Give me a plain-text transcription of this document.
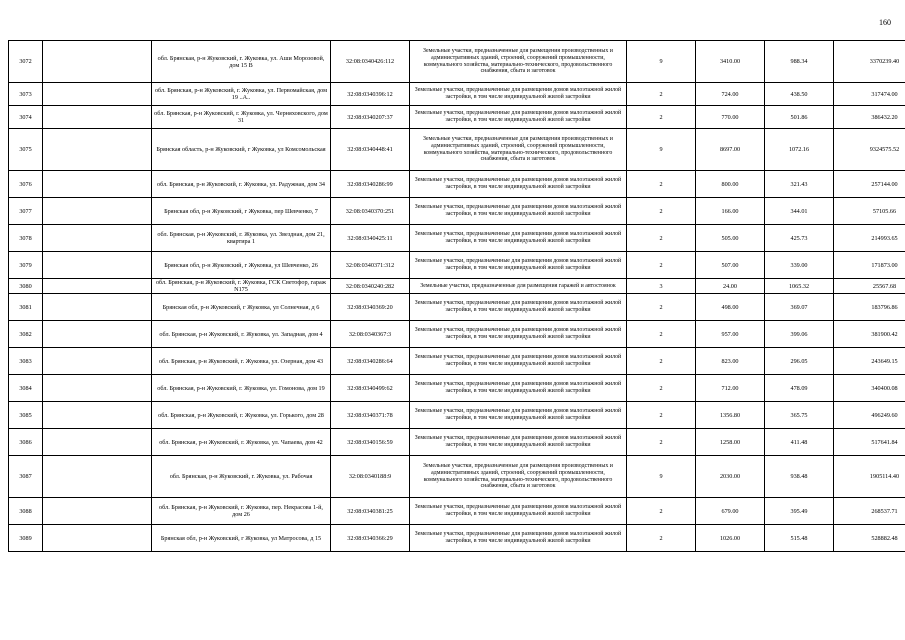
160
3072		обл. Брянская, р-н Жуковский, г. Жуковка, ул. Аши Морозовой, дом 15 В	32:08:0340426:112	Земельные участки, предназначенные для размещения производственных и административных зданий, строений, сооружений промышленности, коммунального хозяйства, материально-технического, продовольственного снабжения, сбыта и заготовок	9	3410.00	988.34	3370239.40
3073		обл. Брянская, р-н Жуковский, г. Жуковка, ул. Первомайская, дом 19 ..А..	32:08:0340396:12	Земельные участки, предназначенные для размещения домов малоэтажной жилой застройки, в том числе индивидуальной жилой застройки	2	724.00	438.50	317474.00
3074		обл. Брянская, р-н Жуковский, г. Жуковка, ул. Черняховского, дом 31	32:08:0340207:37	Земельные участки, предназначенные для размещения домов малоэтажной жилой застройки, в том числе индивидуальной жилой застройки	2	770.00	501.86	386432.20
3075		Брянская область, р-н Жуковский, г Жуковка, ул Комсомольская	32:08:0340448:41	Земельные участки, предназначенные для размещения производственных и административных зданий, строений, сооружений промышленности, коммунального хозяйства, материально-технического, продовольственного снабжения, сбыта и заготовок	9	8697.00	1072.16	9324575.52
3076		обл. Брянская, р-н Жуковский, г. Жуковка, ул. Радужная, дом 34	32:08:0340286:99	Земельные участки, предназначенные для размещения домов малоэтажной жилой застройки, в том числе индивидуальной жилой застройки	2	800.00	321.43	257144.00
3077		Брянская обл, р-н Жуковский, г Жуковка, пер Шевченко, 7	32:08:0340370:251	Земельные участки, предназначенные для размещения домов малоэтажной жилой застройки, в том числе индивидуальной жилой застройки	2	166.00	344.01	57105.66
3078		обл. Брянская, р-н Жуковский, г. Жуковка, ул. Звездная, дом 21, квартира 1	32:08:0340425:11	Земельные участки, предназначенные для размещения домов малоэтажной жилой застройки, в том числе индивидуальной жилой застройки	2	505.00	425.73	214993.65
3079		Брянская обл, р-н Жуковский, г Жуковка, ул Шевченко, 26	32:08:0340371:312	Земельные участки, предназначенные для размещения домов малоэтажной жилой застройки, в том числе индивидуальной жилой застройки	2	507.00	339.00	171873.00
3080		обл. Брянская, р-н Жуковский, г. Жуковка, ГСК Светофор, гараж N175	32:08:0340240:282	Земельные участки, предназначенные для размещения гаражей и автостоянок	3	24.00	1065.32	25567.68
3081		Брянская обл, р-н Жуковский, г Жуковка, ул Солнечная, д 6	32:08:0340369:20	Земельные участки, предназначенные для размещения домов малоэтажной жилой застройки, в том числе индивидуальной жилой застройки	2	498.00	369.07	183796.86
3082		обл. Брянская, р-н Жуковский, г. Жуковка, ул. Западная, дом 4	32:08:0340367:3	Земельные участки, предназначенные для размещения домов малоэтажной жилой застройки, в том числе индивидуальной жилой застройки	2	957.00	399.06	381900.42
3083		обл. Брянская, р-н Жуковский, г. Жуковка, ул. Озерная, дом 43	32:08:0340286:64	Земельные участки, предназначенные для размещения домов малоэтажной жилой застройки, в том числе индивидуальной жилой застройки	2	823.00	296.05	243649.15
3084		обл. Брянская, р-н Жуковский, г. Жуковка, ул. Гомонова, дом 19	32:08:0340499:62	Земельные участки, предназначенные для размещения домов малоэтажной жилой застройки, в том числе индивидуальной жилой застройки	2	712.00	478.09	340400.08
3085		обл. Брянская, р-н Жуковский, г. Жуковка, ул. Горького, дом 28	32:08:0340371:78	Земельные участки, предназначенные для размещения домов малоэтажной жилой застройки, в том числе индивидуальной жилой застройки	2	1356.80	365.75	496249.60
3086		обл. Брянская, р-н Жуковский, г. Жуковка, ул. Чапаева, дом 42	32:08:0340156:59	Земельные участки, предназначенные для размещения домов малоэтажной жилой застройки, в том числе индивидуальной жилой застройки	2	1258.00	411.48	517641.84
3087		обл. Брянская, р-н Жуковский, г. Жуковка, ул. Рабочая	32:08:0340188:9	Земельные участки, предназначенные для размещения производственных и административных зданий, строений, сооружений промышленности, коммунального хозяйства, материально-технического, продовольственного снабжения, сбыта и заготовок	9	2030.00	938.48	1905114.40
3088		обл. Брянская, р-н Жуковский, г. Жуковка, пер. Некрасова 1-й, дом 26	32:08:0340381:25	Земельные участки, предназначенные для размещения домов малоэтажной жилой застройки, в том числе индивидуальной жилой застройки	2	679.00	395.49	268537.71
3089		Брянская обл, р-н Жуковский, г Жуковка, ул Матросова, д 15	32:08:0340366:29	Земельные участки, предназначенные для размещения домов малоэтажной жилой застройки, в том числе индивидуальной жилой застройки	2	1026.00	515.48	528882.48
